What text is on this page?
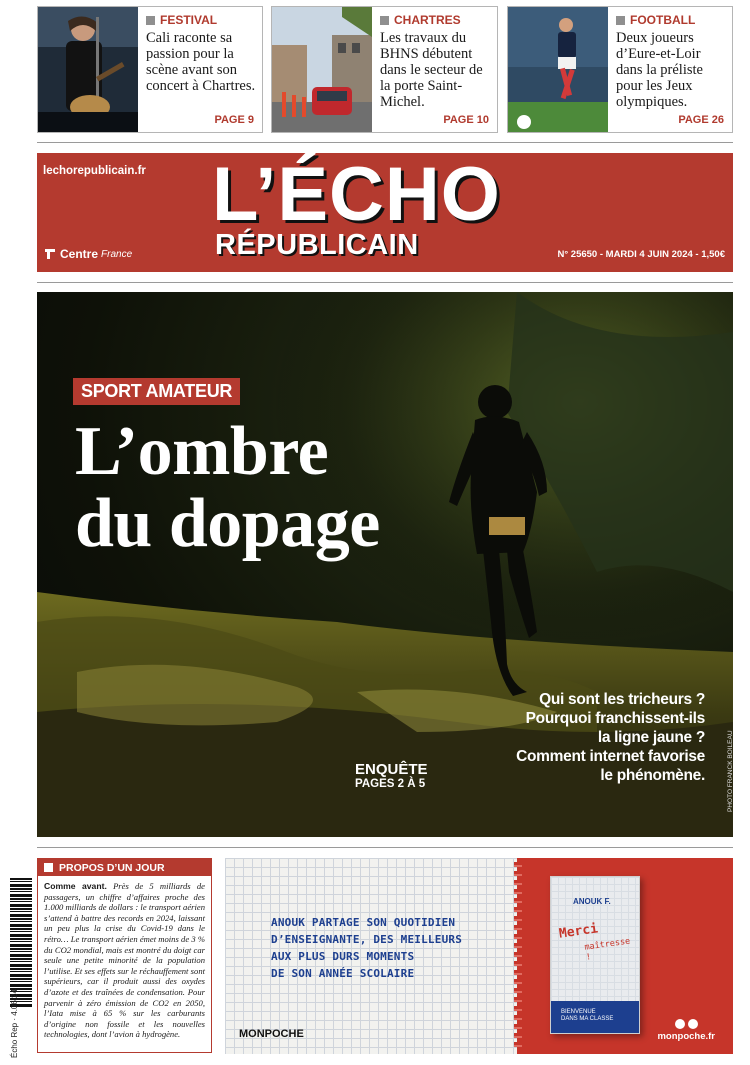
FESTIVAL
Cali raconte sa passion pour la scène avant son concert à Chartres.
PAGE 9
CHARTRES
Les travaux du BHNS débutent dans le secteur de la porte Saint-Michel.
PAGE 10
FOOTBALL
Deux joueurs d’Eure-et-Loir dans la préliste pour les Jeux olympiques.
PAGE 26
lechorepublicain.fr L’ÉCHO
RÉPUBLICAIN
Centre France	N° 25650 - MARDI 4 JUIN 2024 - 1,50€
SPORT AMATEUR
L’ombre
du dopage
Qui sont les tricheurs ?
Pourquoi franchissent-ils
la ligne jaune ?
Comment internet favorise
le phénomène.
ENQUÊTE
PAGES 2 À 5	PHOTO FRANCK BOILEAU
Écho Rep · 4.06.24
PROPOS D’UN JOUR
Comme avant. Près de 5 milliards de passagers, un chiffre d’affaires proche des 1.000 milliards de dollars : le transport aérien s’attend à battre des records en 2024, laissant un peu plus la crise du Covid-19 dans le rétro… Le transport aérien émet moins de 3 % du CO2 mondial, mais est montré du doigt car seule une petite minorité de la population l’utilise. Et ses effets sur le réchauffement sont supérieurs, car il produit aussi des oxydes d’azote et des traînées de condensation. Pour parvenir à zéro émission de CO2 en 2050, l’Iata mise à 65 % sur les carburants d’origine non fossile et les nouvelles technologies, dont l’avion à hydrogène.
ANOUK PARTAGE SON QUOTIDIEN
D’ENSEIGNANTE, DES MEILLEURS
AUX PLUS DURS MOMENTS
DE SON ANNÉE SCOLAIRE
MONPOCHE
ANOUK F.
Merci
maîtresse !
BIENVENUE
DANS MA CLASSE
monpoche.fr
